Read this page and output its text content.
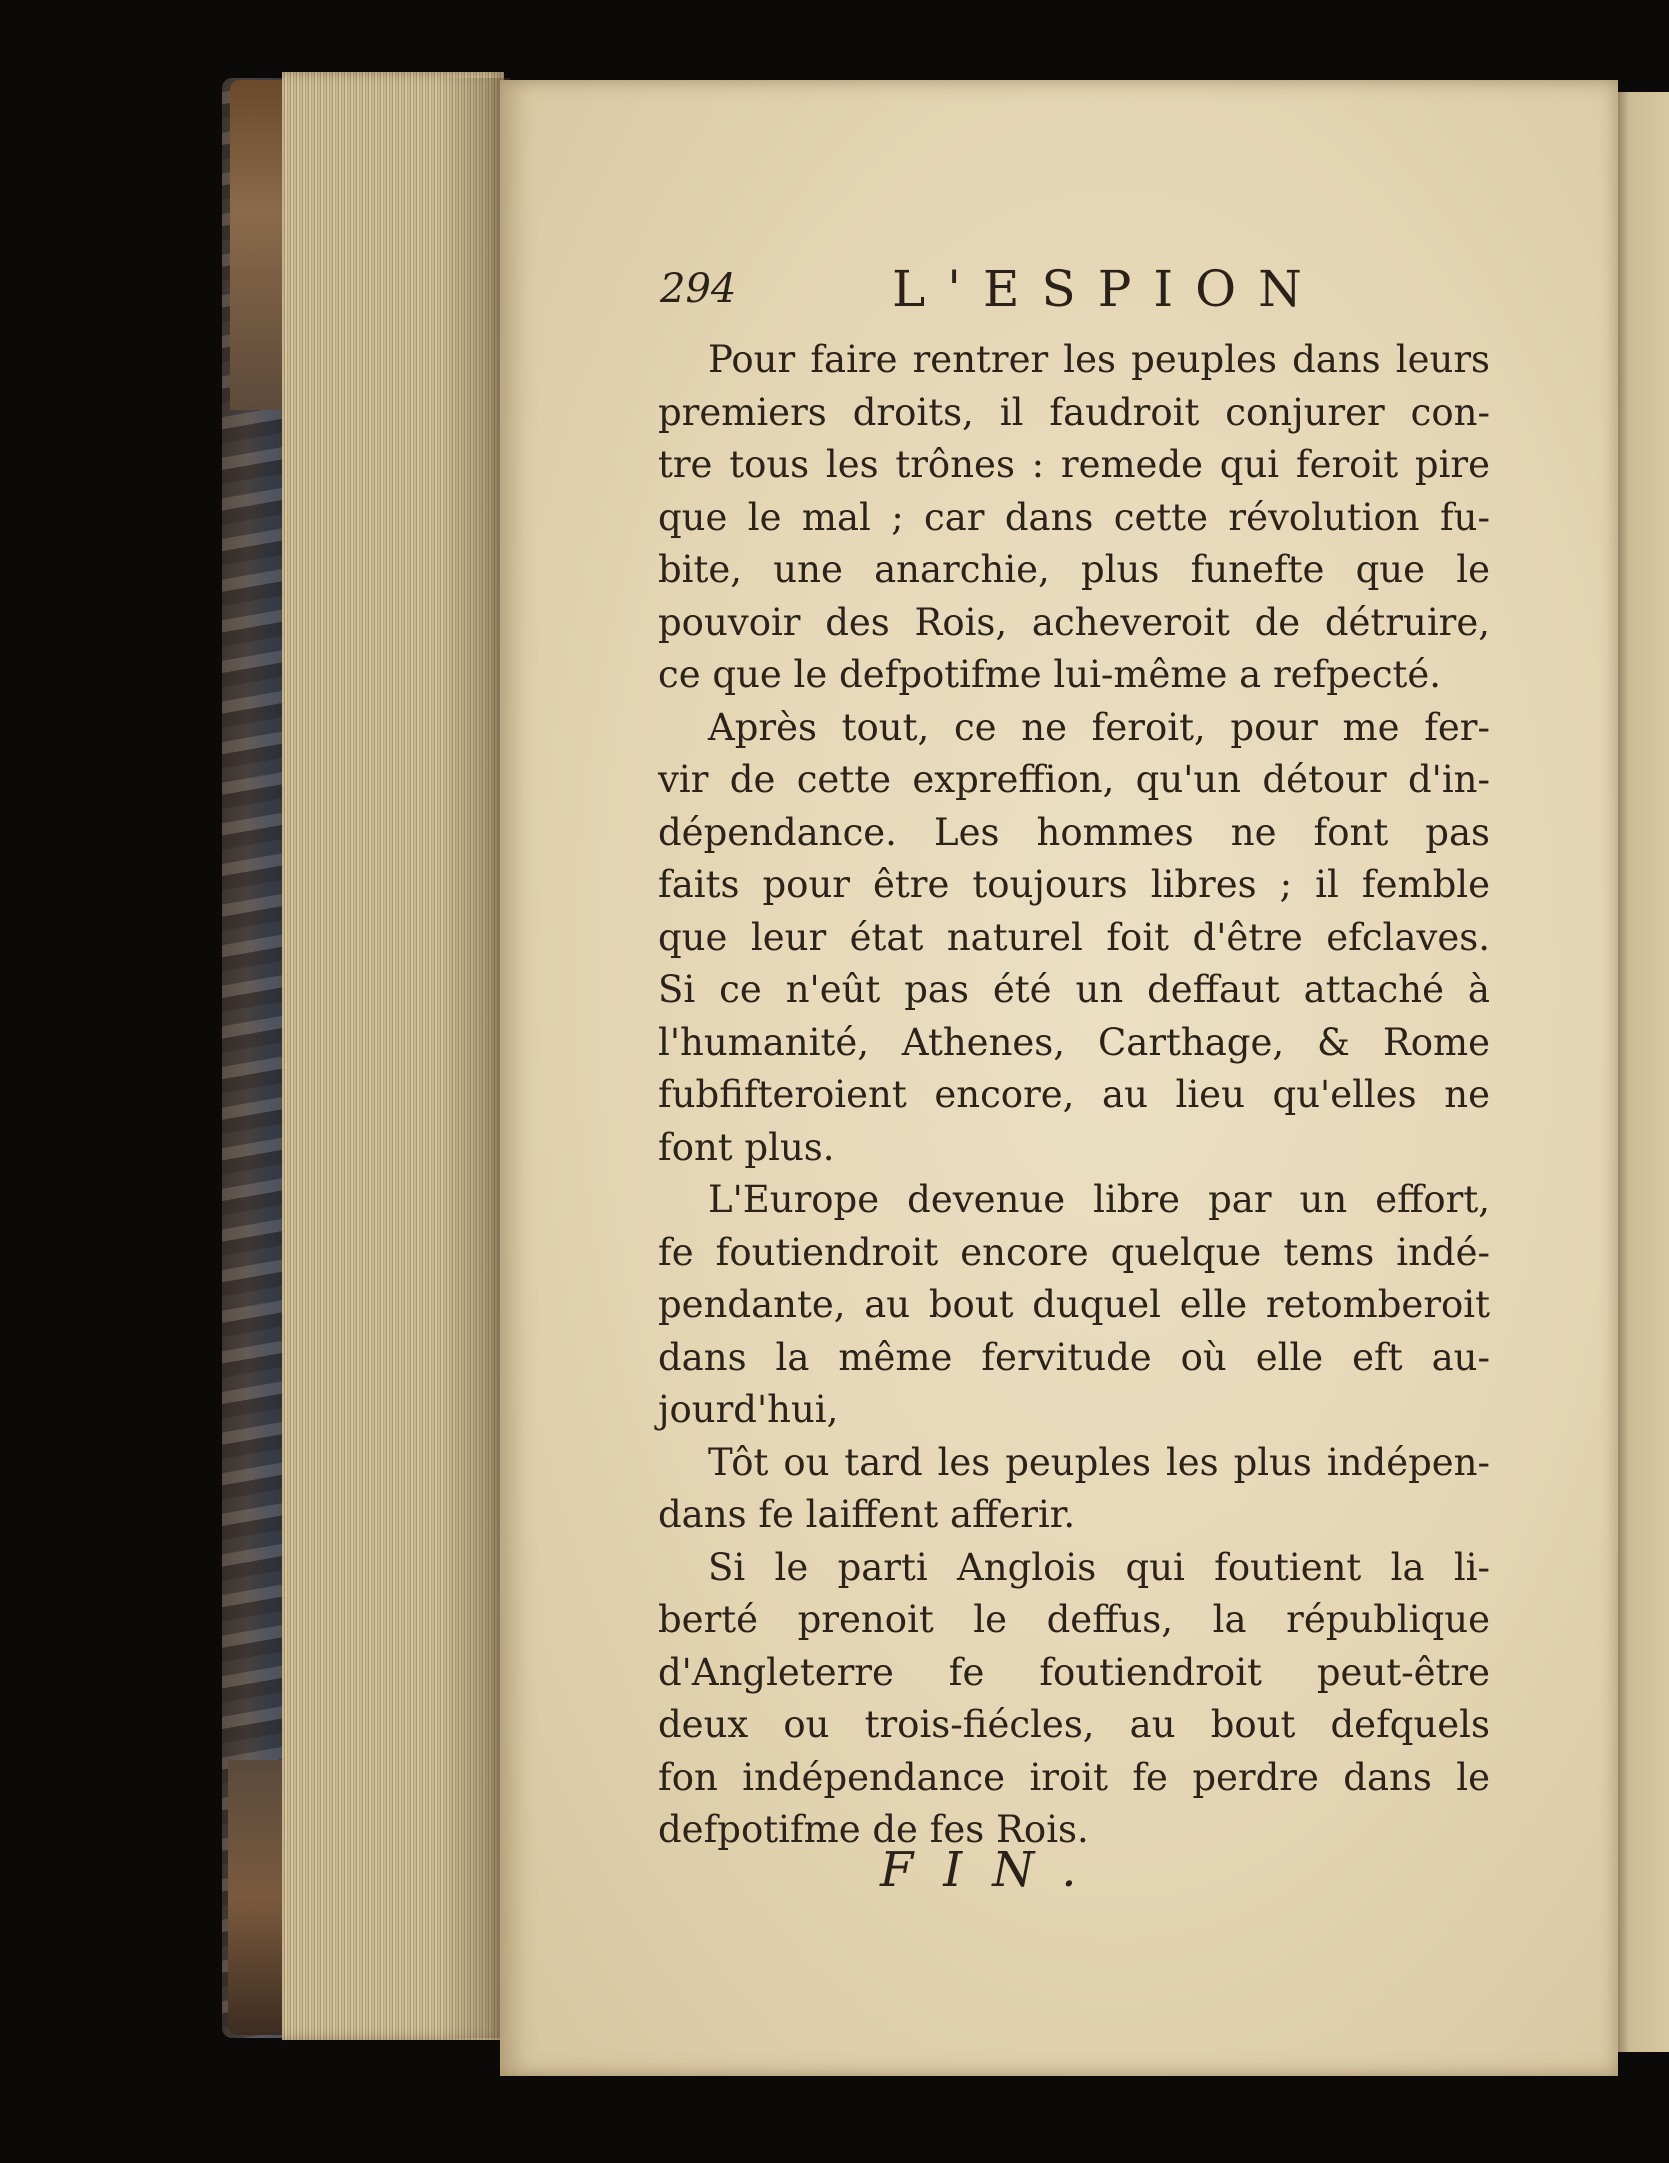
294	L'ESPION

Pour faire rentrer les peuples dans leurs
premiers droits, il faudroit conjurer con-
tre tous les trônes : remede qui feroit pire
que le mal ; car dans cette révolution fu-
bite, une anarchie, plus funefte que le
pouvoir des Rois, acheveroit de détruire,
ce que le defpotifme lui-même a refpecté.

Après tout, ce ne feroit, pour me fer-
vir de cette expreffion, qu'un détour d'in-
dépendance. Les hommes ne font pas
faits pour être toujours libres ; il femble
que leur état naturel foit d'être efclaves.
Si ce n'eût pas été un deffaut attaché à
l'humanité, Athenes, Carthage, & Rome
fubfifteroient encore, au lieu qu'elles ne
font plus.

L'Europe devenue libre par un effort,
fe foutiendroit encore quelque tems indé-
pendante, au bout duquel elle retomberoit
dans la même fervitude où elle eft au-
jourd'hui,

Tôt ou tard les peuples les plus indépen-
dans fe laiffent afferir.

Si le parti Anglois qui foutient la li-
berté prenoit le deffus, la république
d'Angleterre fe foutiendroit peut-être
deux ou trois-fiécles, au bout defquels
fon indépendance iroit fe perdre dans le
defpotifme de fes Rois.

FIN.
